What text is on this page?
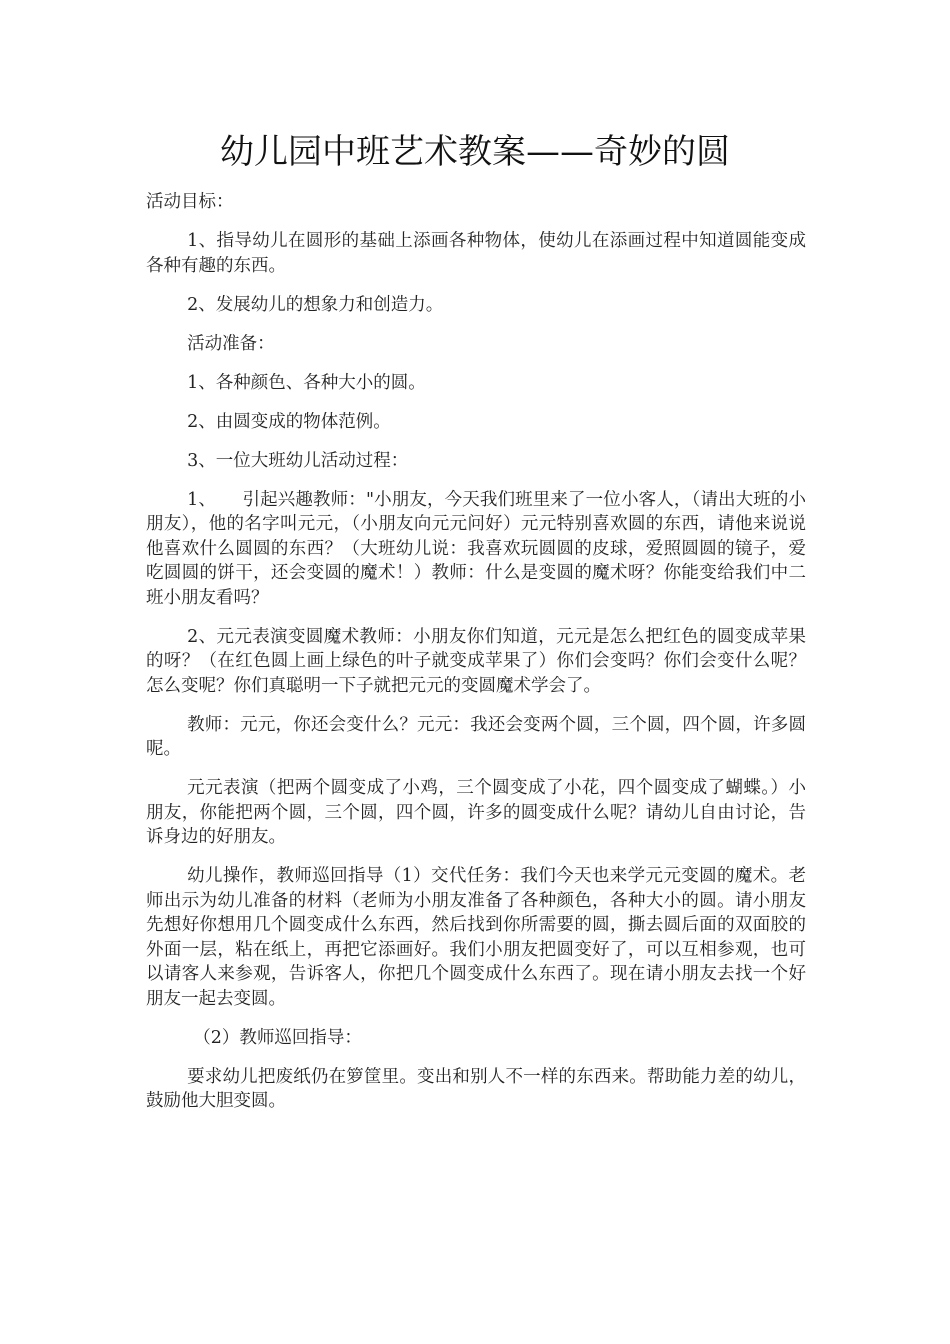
幼儿园中班艺术教案——奇妙的圆

活动目标：

1、指导幼儿在圆形的基础上添画各种物体，使幼儿在添画过程中知道圆能变成各种有趣的东西。

2、发展幼儿的想象力和创造力。

活动准备：

1、各种颜色、各种大小的圆。

2、由圆变成的物体范例。

3、一位大班幼儿活动过程：

1、　　引起兴趣教师："小朋友，今天我们班里来了一位小客人，（请出大班的小朋友），他的名字叫元元，（小朋友向元元问好）元元特别喜欢圆的东西，请他来说说他喜欢什么圆圆的东西？（大班幼儿说：我喜欢玩圆圆的皮球，爱照圆圆的镜子，爱吃圆圆的饼干，还会变圆的魔术！）教师：什么是变圆的魔术呀？你能变给我们中二班小朋友看吗？

2、元元表演变圆魔术教师：小朋友你们知道，元元是怎么把红色的圆变成苹果的呀？（在红色圆上画上绿色的叶子就变成苹果了）你们会变吗？你们会变什么呢？怎么变呢？你们真聪明一下子就把元元的变圆魔术学会了。

教师：元元，你还会变什么？元元：我还会变两个圆，三个圆，四个圆，许多圆呢。

元元表演（把两个圆变成了小鸡，三个圆变成了小花，四个圆变成了蝴蝶。）小朋友，你能把两个圆，三个圆，四个圆，许多的圆变成什么呢？请幼儿自由讨论，告诉身边的好朋友。

幼儿操作，教师巡回指导（1）交代任务：我们今天也来学元元变圆的魔术。老师出示为幼儿准备的材料（老师为小朋友准备了各种颜色，各种大小的圆。请小朋友先想好你想用几个圆变成什么东西，然后找到你所需要的圆，撕去圆后面的双面胶的外面一层，粘在纸上，再把它添画好。我们小朋友把圆变好了，可以互相参观，也可以请客人来参观，告诉客人，你把几个圆变成什么东西了。现在请小朋友去找一个好朋友一起去变圆。

（2）教师巡回指导：

要求幼儿把废纸仍在箩筐里。变出和别人不一样的东西来。帮助能力差的幼儿，鼓励他大胆变圆。
